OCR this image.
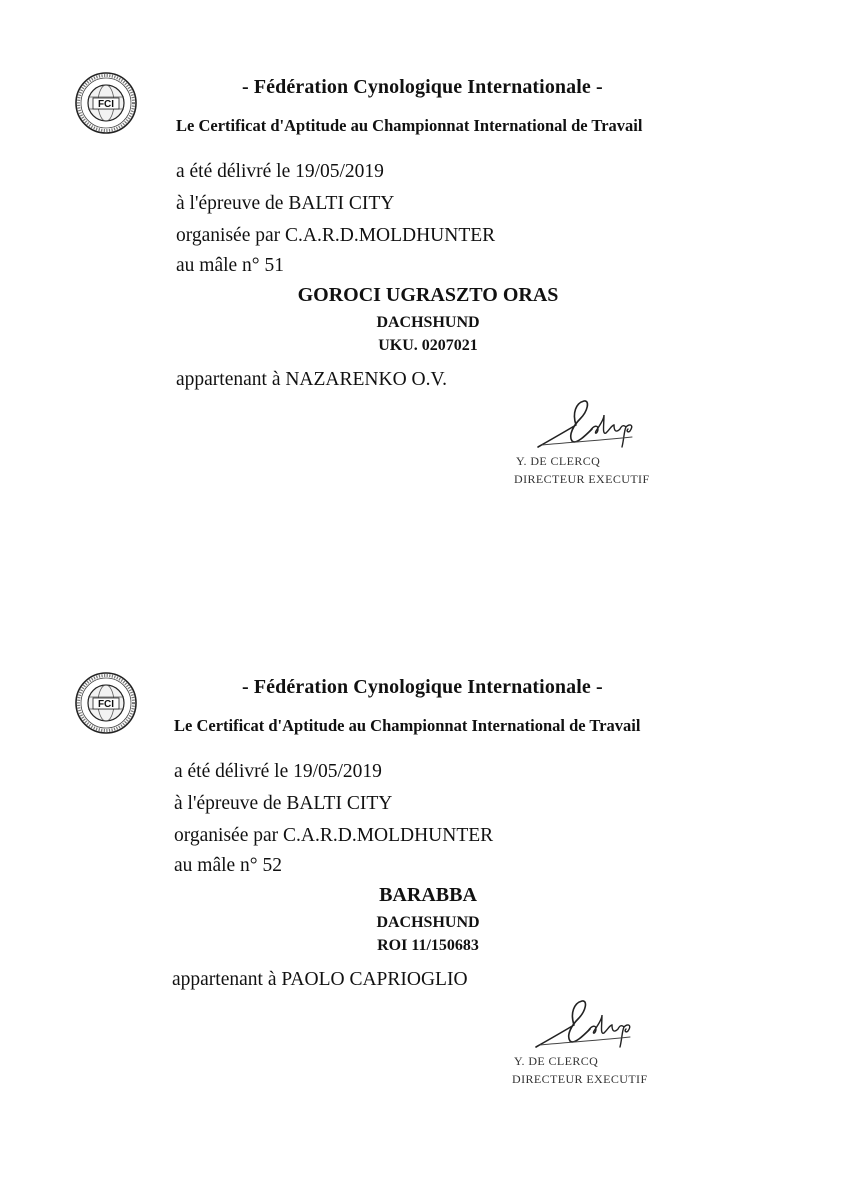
FCI
- Fédération Cynologique Internationale -
Le Certificat d'Aptitude au Championnat International de Travail
a été délivré le 19/05/2019
à l'épreuve de BALTI CITY
organisée par C.A.R.D.MOLDHUNTER
au mâle n° 51
GOROCI UGRASZTO ORAS
DACHSHUND
UKU. 0207021
appartenant à NAZARENKO O.V.
Y. DE CLERCQ
DIRECTEUR EXECUTIF
FCI
- Fédération Cynologique Internationale -
Le Certificat d'Aptitude au Championnat International de Travail
a été délivré le 19/05/2019
à l'épreuve de BALTI CITY
organisée par C.A.R.D.MOLDHUNTER
au mâle n° 52
BARABBA
DACHSHUND
ROI 11/150683
appartenant à PAOLO CAPRIOGLIO
Y. DE CLERCQ
DIRECTEUR EXECUTIF
